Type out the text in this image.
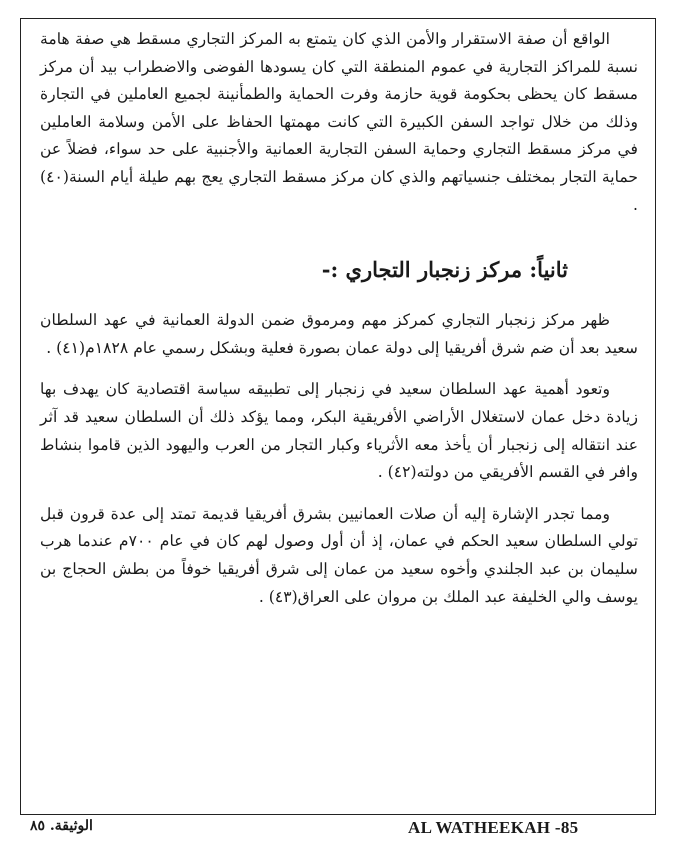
الواقع أن صفة الاستقرار والأمن الذي كان يتمتع به المركز التجاري مسقط هي صفة هامة نسبة للمراكز التجارية في عموم المنطقة التي كان يسودها الفوضى والاضطراب بيد أن مركز مسقط كان يحظى بحكومة قوية حازمة وفرت الحماية والطمأنينة لجميع العاملين في التجارة وذلك من خلال تواجد السفن الكبيرة التي كانت مهمتها الحفاظ على الأمن وسلامة العاملين في مركز مسقط التجاري وحماية السفن التجارية العمانية والأجنبية على حد سواء، فضلاً عن حماية التجار بمختلف جنسياتهم والذي كان مركز مسقط التجاري يعج بهم طيلة أيام السنة(٤٠) .

ثانياً: مركز زنجبار التجاري :-

ظهر مركز زنجبار التجاري كمركز مهم ومرموق ضمن الدولة العمانية في عهد السلطان سعيد بعد أن ضم شرق أفريقيا إلى دولة عمان بصورة فعلية وبشكل رسمي عام ١٨٢٨م(٤١) .

وتعود أهمية عهد السلطان سعيد في زنجبار إلى تطبيقه سياسة اقتصادية كان يهدف بها زيادة دخل عمان لاستغلال الأراضي الأفريقية البكر، ومما يؤكد ذلك أن السلطان سعيد قد آثر عند انتقاله إلى زنجبار أن يأخذ معه الأثرياء وكبار التجار من العرب واليهود الذين قاموا بنشاط وافر في القسم الأفريقي من دولته(٤٢) .

ومما تجدر الإشارة إليه أن صلات العمانيين بشرق أفريقيا قديمة تمتد إلى عدة قرون قبل تولي السلطان سعيد الحكم في عمان، إذ أن أول وصول لهم كان في عام ٧٠٠م عندما هرب سليمان بن عبد الجلندي وأخوه سعيد من عمان إلى شرق أفريقيا خوفاً من بطش الحجاج بن يوسف والي الخليفة عبد الملك بن مروان على العراق(٤٣) .

AL WATHEEKAH -85
الوثيقة. ٨٥
